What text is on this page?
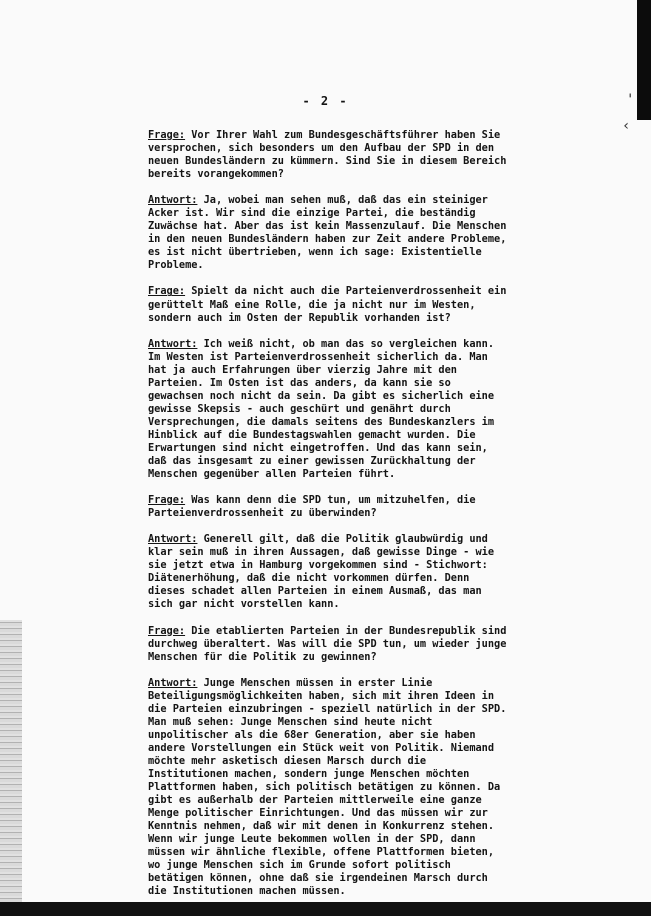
'
‹
- 2 -
Frage: Vor Ihrer Wahl zum Bundesgeschäftsführer haben Sie
versprochen, sich besonders um den Aufbau der SPD in den
neuen Bundesländern zu kümmern. Sind Sie in diesem Bereich
bereits vorangekommen?
Antwort: Ja, wobei man sehen muß, daß das ein steiniger
Acker ist. Wir sind die einzige Partei, die beständig
Zuwächse hat. Aber das ist kein Massenzulauf. Die Menschen
in den neuen Bundesländern haben zur Zeit andere Probleme,
es ist nicht übertrieben, wenn ich sage: Existentielle
Probleme.
Frage: Spielt da nicht auch die Parteienverdrossenheit ein
gerüttelt Maß eine Rolle, die ja nicht nur im Westen,
sondern auch im Osten der Republik vorhanden ist?
Antwort: Ich weiß nicht, ob man das so vergleichen kann.
Im Westen ist Parteienverdrossenheit sicherlich da. Man
hat ja auch Erfahrungen über vierzig Jahre mit den
Parteien. Im Osten ist das anders, da kann sie so
gewachsen noch nicht da sein. Da gibt es sicherlich eine
gewisse Skepsis - auch geschürt und genährt durch
Versprechungen, die damals seitens des Bundeskanzlers im
Hinblick auf die Bundestagswahlen gemacht wurden. Die
Erwartungen sind nicht eingetroffen. Und das kann sein,
daß das insgesamt zu einer gewissen Zurückhaltung der
Menschen gegenüber allen Parteien führt.
Frage: Was kann denn die SPD tun, um mitzuhelfen, die
Parteienverdrossenheit zu überwinden?
Antwort: Generell gilt, daß die Politik glaubwürdig und
klar sein muß in ihren Aussagen, daß gewisse Dinge - wie
sie jetzt etwa in Hamburg vorgekommen sind - Stichwort:
Diätenerhöhung, daß die nicht vorkommen dürfen. Denn
dieses schadet allen Parteien in einem Ausmaß, das man
sich gar nicht vorstellen kann.
Frage: Die etablierten Parteien in der Bundesrepublik sind
durchweg überaltert. Was will die SPD tun, um wieder junge
Menschen für die Politik zu gewinnen?
Antwort: Junge Menschen müssen in erster Linie
Beteiligungsmöglichkeiten haben, sich mit ihren Ideen in
die Parteien einzubringen - speziell natürlich in der SPD.
Man muß sehen: Junge Menschen sind heute nicht
unpolitischer als die 68er Generation, aber sie haben
andere Vorstellungen ein Stück weit von Politik. Niemand
möchte mehr asketisch diesen Marsch durch die
Institutionen machen, sondern junge Menschen möchten
Plattformen haben, sich politisch betätigen zu können. Da
gibt es außerhalb der Parteien mittlerweile eine ganze
Menge politischer Einrichtungen. Und das müssen wir zur
Kenntnis nehmen, daß wir mit denen in Konkurrenz stehen.
Wenn wir junge Leute bekommen wollen in der SPD, dann
müssen wir ähnliche flexible, offene Plattformen bieten,
wo junge Menschen sich im Grunde sofort politisch
betätigen können, ohne daß sie irgendeinen Marsch durch
die Institutionen machen müssen.
